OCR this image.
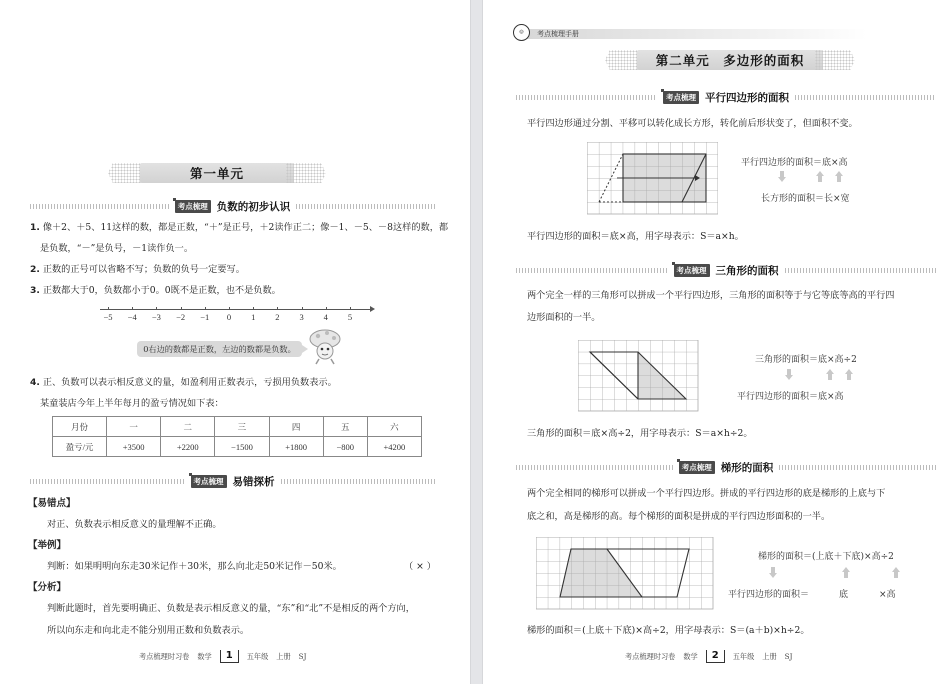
第一单元
考点梳理 负数的初步认识
1. 像＋2、＋5、11这样的数，都是正数，“＋”是正号，＋2读作正二；像－1、－5、－8这样的数，都
是负数，“－”是负号，－1读作负一。
2. 正数的正号可以省略不写；负数的负号一定要写。
3. 正数都大于0，负数都小于0。0既不是正数，也不是负数。
−5	−4	−3	−2	−1	0	1	2	3	4	5
0右边的数都是正数，左边的数都是负数。
4. 正、负数可以表示相反意义的量，如盈利用正数表示，亏损用负数表示。
某童装店今年上半年每月的盈亏情况如下表：
月份	一	二	三	四	五	六
盈亏/元	+3500	+2200	−1500	+1800	−800	+4200
考点梳理 易错探析
【易错点】
对正、负数表示相反意义的量理解不正确。
【举例】
判断：如果明明向东走30米记作＋30米，那么向北走50米记作－50米。	（ × ）
【分析】
判断此题时，首先要明确正、负数是表示相反意义的量，“东”和“北”不是相反的两个方向，
所以向东走和向北走不能分别用正数和负数表示。
考点梳理时习卷 数学	1	五年级 上册 SJ
◎	考点梳理手册
第二单元　多边形的面积
考点梳理 平行四边形的面积
平行四边形通过分割、平移可以转化成长方形，转化前后形状变了，但面积不变。
平行四边形的面积＝底×高
长方形的面积＝长×宽
平行四边形的面积＝底×高，用字母表示：S＝a×h。
考点梳理 三角形的面积
两个完全一样的三角形可以拼成一个平行四边形，三角形的面积等于与它等底等高的平行四
边形面积的一半。
三角形的面积＝底×高÷2
平行四边形的面积＝底×高
三角形的面积＝底×高÷2，用字母表示：S＝a×h÷2。
考点梳理 梯形的面积
两个完全相同的梯形可以拼成一个平行四边形。拼成的平行四边形的底是梯形的上底与下
底之和，高是梯形的高。每个梯形的面积是拼成的平行四边形面积的一半。
梯形的面积＝(上底＋下底)×高÷2
平行四边形的面积＝	底	×高
梯形的面积＝(上底＋下底)×高÷2，用字母表示：S＝(a＋b)×h÷2。
考点梳理时习卷 数学	2	五年级 上册 SJ
